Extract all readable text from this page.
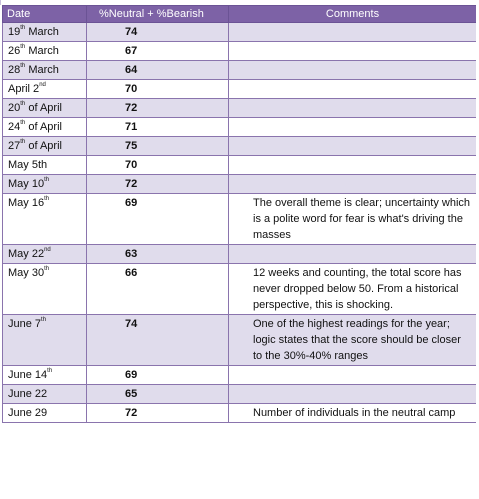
Date	%Neutral + %Bearish	Comments
19th March	74	
26th March	67	
28th March	64	
April 2nd	70	
20th of April	72	
24th of April	71	
27th of April	75	
May 5th	70	
May 10th	72	
May 16th	69	The overall theme is clear; uncertainty which is a polite word for fear is what's driving the masses
May 22nd	63	
May 30th	66	12 weeks and counting, the total score has never dropped below 50. From a historical perspective, this is shocking.
June 7th	74	One of the highest readings for the year; logic states that the score should be closer to the 30%-40% ranges
June 14th	69	
June 22	65	
June 29	72	Number of individuals in the neutral camp
